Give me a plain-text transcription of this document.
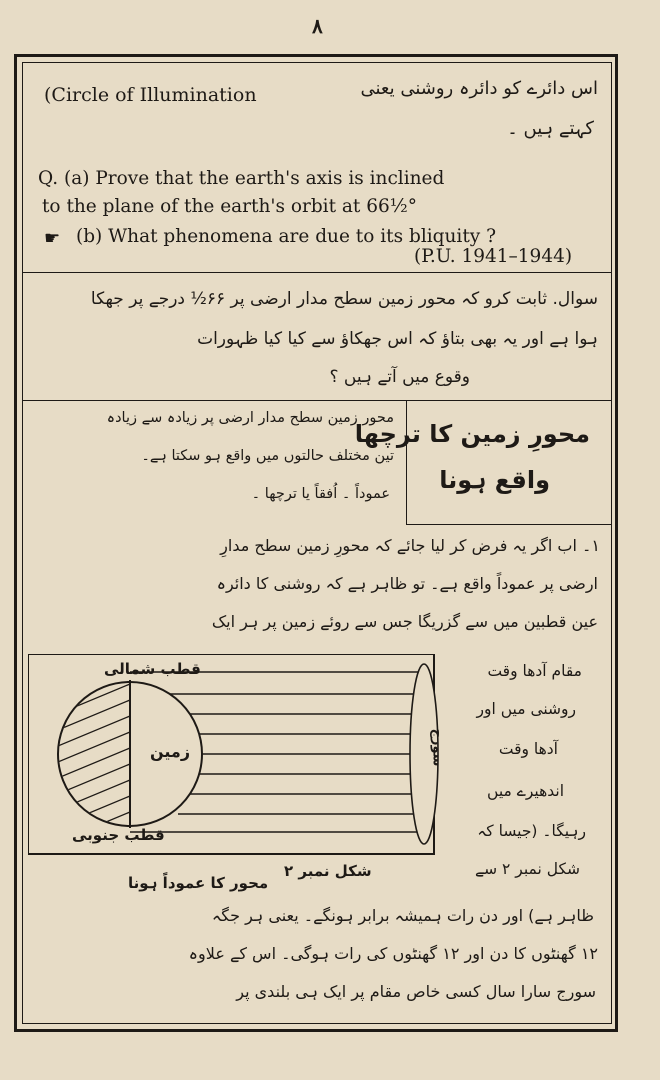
۸
اس دائرے کو دائرہ روشنی یعنی
(Circle of Illumination
کہتے ہیں ۔
Q. (a) Prove that the earth's axis is inclined
to the plane of the earth's orbit at 66½°
☛ (b) What phenomena are due to its bliquity ?
(P.U. 1941–1944)
سوال. ثابت کرو کہ محور زمین سطح مدار ارضی پر ۶۶½ درجے پر جھکا
ہوا ہے اور یہ بھی بتاؤ کہ اس جھکاؤ سے کیا کیا ظہورات
وقوع میں آتے ہیں ؟
محورِ زمین کا ترچھا
واقع ہونا
محور زمین سطح مدار ارضی پر زیادہ سے زیادہ
تین مختلف حالتوں میں واقع ہو سکتا ہے۔
عموداً ۔ اُفقاً یا ترچھا ۔
۱۔ اب اگر یہ فرض کر لیا جائے کہ محورِ زمین سطح مدارِ
ارضی پر عموداً واقع ہے۔ تو ظاہر ہے کہ روشنی کا دائرہ
عین قطبین میں سے گزریگا جس سے روئے زمین پر ہر ایک
مقام آدھا وقت
روشنی میں اور
آدھا وقت
اندھیرے میں
رہیگا۔ (جیسا کہ
شکل نمبر ۲ سے
قطب شمالی
زمین	سورج
قطب جنوبی
شکل نمبر ۲
محور کا عموداً ہونا
ظاہر ہے) اور دن رات ہمیشہ برابر ہونگے۔ یعنی ہر جگہ
۱۲ گھنٹوں کا دن اور ۱۲ گھنٹوں کی رات ہوگی۔ اس کے علاوہ
سورج سارا سال کسی خاص مقام پر ایک ہی بلندی پر
